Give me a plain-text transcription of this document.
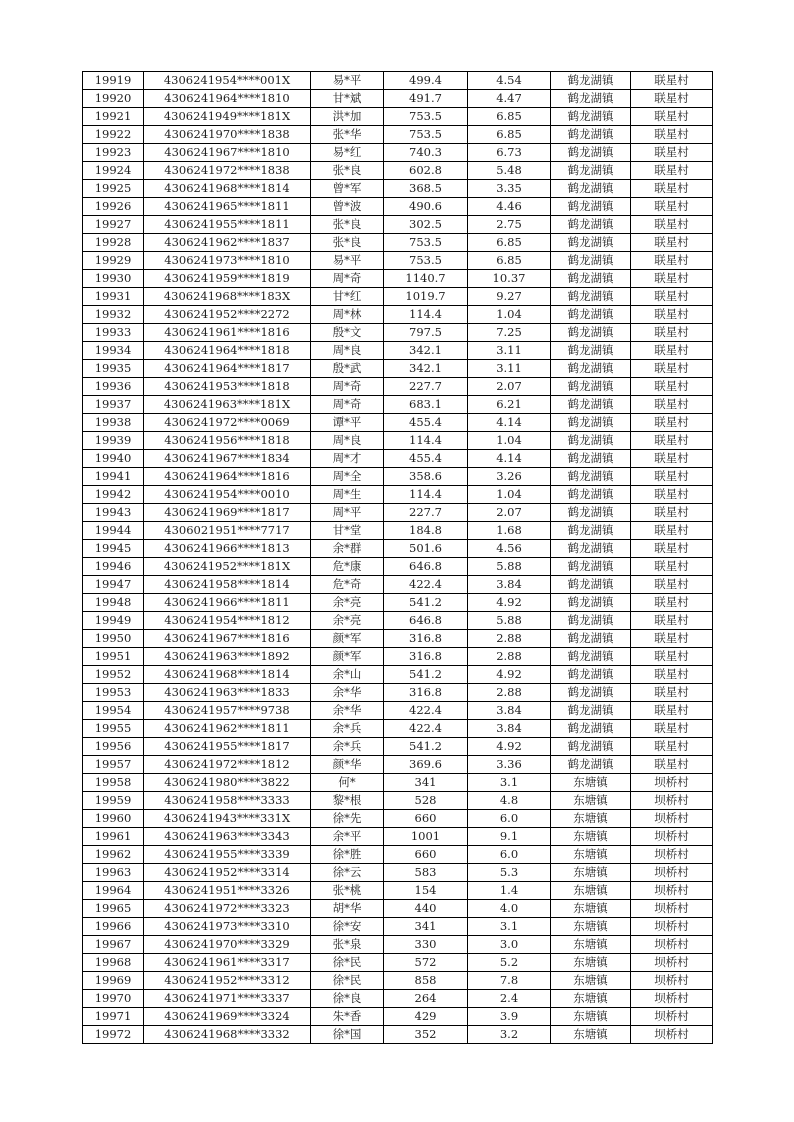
19919	4306241954****001X	易*平	499.4	4.54	鹤龙湖镇	联星村
19920	4306241964****1810	甘*斌	491.7	4.47	鹤龙湖镇	联星村
19921	4306241949****181X	洪*加	753.5	6.85	鹤龙湖镇	联星村
19922	4306241970****1838	张*华	753.5	6.85	鹤龙湖镇	联星村
19923	4306241967****1810	易*红	740.3	6.73	鹤龙湖镇	联星村
19924	4306241972****1838	张*良	602.8	5.48	鹤龙湖镇	联星村
19925	4306241968****1814	曾*军	368.5	3.35	鹤龙湖镇	联星村
19926	4306241965****1811	曾*波	490.6	4.46	鹤龙湖镇	联星村
19927	4306241955****1811	张*良	302.5	2.75	鹤龙湖镇	联星村
19928	4306241962****1837	张*良	753.5	6.85	鹤龙湖镇	联星村
19929	4306241973****1810	易*平	753.5	6.85	鹤龙湖镇	联星村
19930	4306241959****1819	周*奇	1140.7	10.37	鹤龙湖镇	联星村
19931	4306241968****183X	甘*红	1019.7	9.27	鹤龙湖镇	联星村
19932	4306241952****2272	周*林	114.4	1.04	鹤龙湖镇	联星村
19933	4306241961****1816	殷*文	797.5	7.25	鹤龙湖镇	联星村
19934	4306241964****1818	周*良	342.1	3.11	鹤龙湖镇	联星村
19935	4306241964****1817	殷*武	342.1	3.11	鹤龙湖镇	联星村
19936	4306241953****1818	周*奇	227.7	2.07	鹤龙湖镇	联星村
19937	4306241963****181X	周*奇	683.1	6.21	鹤龙湖镇	联星村
19938	4306241972****0069	谭*平	455.4	4.14	鹤龙湖镇	联星村
19939	4306241956****1818	周*良	114.4	1.04	鹤龙湖镇	联星村
19940	4306241967****1834	周*才	455.4	4.14	鹤龙湖镇	联星村
19941	4306241964****1816	周*全	358.6	3.26	鹤龙湖镇	联星村
19942	4306241954****0010	周*生	114.4	1.04	鹤龙湖镇	联星村
19943	4306241969****1817	周*平	227.7	2.07	鹤龙湖镇	联星村
19944	4306021951****7717	甘*堂	184.8	1.68	鹤龙湖镇	联星村
19945	4306241966****1813	余*群	501.6	4.56	鹤龙湖镇	联星村
19946	4306241952****181X	危*康	646.8	5.88	鹤龙湖镇	联星村
19947	4306241958****1814	危*奇	422.4	3.84	鹤龙湖镇	联星村
19948	4306241966****1811	余*亮	541.2	4.92	鹤龙湖镇	联星村
19949	4306241954****1812	余*亮	646.8	5.88	鹤龙湖镇	联星村
19950	4306241967****1816	颜*军	316.8	2.88	鹤龙湖镇	联星村
19951	4306241963****1892	颜*军	316.8	2.88	鹤龙湖镇	联星村
19952	4306241968****1814	余*山	541.2	4.92	鹤龙湖镇	联星村
19953	4306241963****1833	余*华	316.8	2.88	鹤龙湖镇	联星村
19954	4306241957****9738	余*华	422.4	3.84	鹤龙湖镇	联星村
19955	4306241962****1811	余*兵	422.4	3.84	鹤龙湖镇	联星村
19956	4306241955****1817	余*兵	541.2	4.92	鹤龙湖镇	联星村
19957	4306241972****1812	颜*华	369.6	3.36	鹤龙湖镇	联星村
19958	4306241980****3822	何*	341	3.1	东塘镇	坝桥村
19959	4306241958****3333	黎*根	528	4.8	东塘镇	坝桥村
19960	4306241943****331X	徐*先	660	6.0	东塘镇	坝桥村
19961	4306241963****3343	余*平	1001	9.1	东塘镇	坝桥村
19962	4306241955****3339	徐*胜	660	6.0	东塘镇	坝桥村
19963	4306241952****3314	徐*云	583	5.3	东塘镇	坝桥村
19964	4306241951****3326	张*桃	154	1.4	东塘镇	坝桥村
19965	4306241972****3323	胡*华	440	4.0	东塘镇	坝桥村
19966	4306241973****3310	徐*安	341	3.1	东塘镇	坝桥村
19967	4306241970****3329	张*泉	330	3.0	东塘镇	坝桥村
19968	4306241961****3317	徐*民	572	5.2	东塘镇	坝桥村
19969	4306241952****3312	徐*民	858	7.8	东塘镇	坝桥村
19970	4306241971****3337	徐*良	264	2.4	东塘镇	坝桥村
19971	4306241969****3324	朱*香	429	3.9	东塘镇	坝桥村
19972	4306241968****3332	徐*国	352	3.2	东塘镇	坝桥村
